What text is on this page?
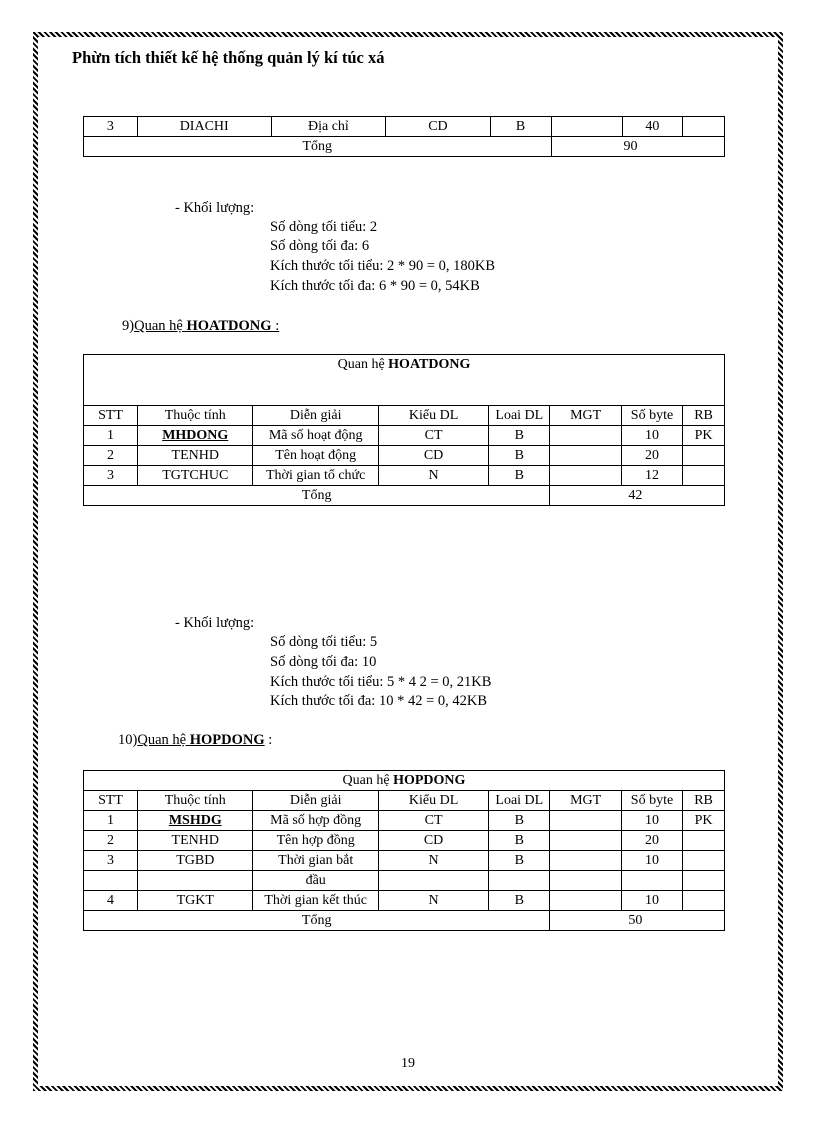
Phừn tích thiết kế hệ thống quản lý kí túc xá
3	DIACHI	Địa chỉ	CD	B		40	
Tổng					90		
- Khối lượng:
Số dòng tối tiểu: 2
Số dòng tối đa: 6
Kích thước tối tiểu: 2 * 90 = 0, 180KB
Kích thước tối đa: 6 * 90 = 0, 54KB
9)Quan hệ HOATDONG :
Quan hệ HOATDONG							
STT	Thuộc tính	Diễn giải	Kiểu DL	Loai DL	MGT	Số byte	RB
1	MHDONG	Mã số hoạt động	CT	B		10	PK
2	TENHD	Tên hoạt động	CD	B		20	
3	TGTCHUC	Thời gian tổ chức	N	B		12	
Tổng					42		
- Khối lượng:
Số dòng tối tiểu: 5
Số dòng tối đa: 10
Kích thước tối tiểu: 5 * 4 2 = 0, 21KB
Kích thước tối đa: 10 * 42 = 0, 42KB
10)Quan hệ HOPDONG :
Quan hệ HOPDONG							
STT	Thuộc tính	Diễn giải	Kiểu DL	Loai DL	MGT	Số byte	RB
1	MSHDG	Mã số hợp đồng	CT	B		10	PK
2	TENHD	Tên hợp đồng	CD	B		20	
3	TGBD	Thời gian bắt	N	B		10	
		đầu					
4	TGKT	Thời gian kết thúc	N	B		10	
Tổng					50		
19
